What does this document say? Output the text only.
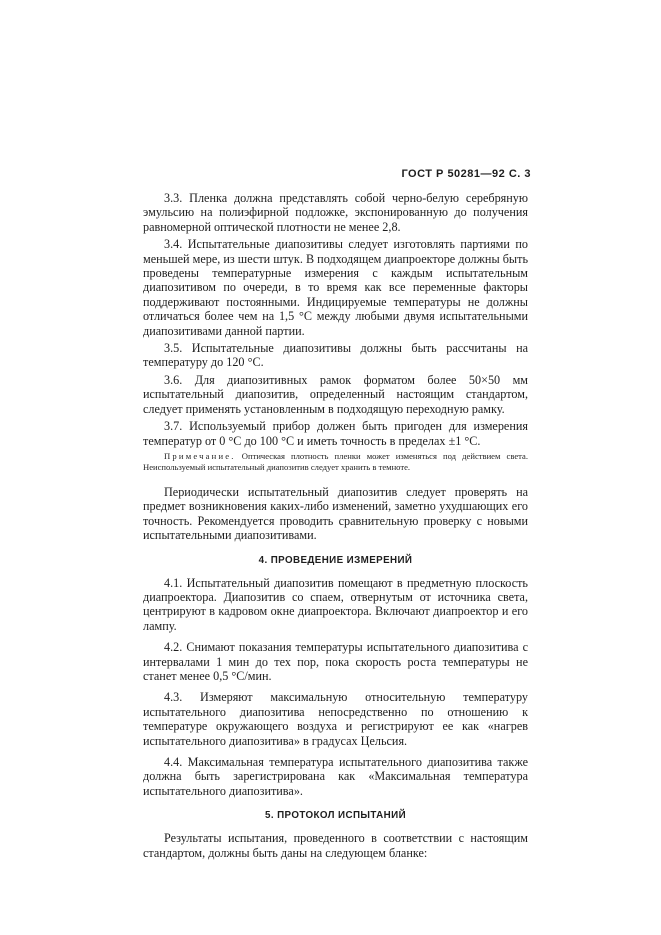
ГОСТ Р 50281—92 С. 3

3.3. Пленка должна представлять собой черно-белую серебряную эмульсию на полиэфирной подложке, экспонированную до получения равномерной оптической плотности не менее 2,8.

3.4. Испытательные диапозитивы следует изготовлять партиями по меньшей мере, из шести штук. В подходящем диапроекторе должны быть проведены температурные измерения с каждым испытательным диапозитивом по очереди, в то время как все переменные факторы поддерживают постоянными. Индицируемые температуры не должны отличаться более чем на 1,5 °С между любыми двумя испытательными диапозитивами данной партии.

3.5. Испытательные диапозитивы должны быть рассчитаны на температуру до 120 °С.

3.6. Для диапозитивных рамок форматом более 50×50 мм испытательный диапозитив, определенный настоящим стандартом, следует применять установленным в подходящую переходную рамку.

3.7. Используемый прибор должен быть пригоден для измерения температур от 0 °С до 100 °С и иметь точность в пределах ±1 °С.

Примечание. Оптическая плотность пленки может изменяться под действием света. Неиспользуемый испытательный диапозитив следует хранить в темноте.

Периодически испытательный диапозитив следует проверять на предмет возникновения каких-либо изменений, заметно ухудшающих его точность. Рекомендуется проводить сравнительную проверку с новыми испытательными диапозитивами.

4. ПРОВЕДЕНИЕ ИЗМЕРЕНИЙ

4.1. Испытательный диапозитив помещают в предметную плоскость диапроектора. Диапозитив со спаем, отвернутым от источника света, центрируют в кадровом окне диапроектора. Включают диапроектор и его лампу.

4.2. Снимают показания температуры испытательного диапозитива с интервалами 1 мин до тех пор, пока скорость роста температуры не станет менее 0,5 °С/мин.

4.3. Измеряют максимальную относительную температуру испытательного диапозитива непосредственно по отношению к температуре окружающего воздуха и регистрируют ее как «нагрев испытательного диапозитива» в градусах Цельсия.

4.4. Максимальная температура испытательного диапозитива также должна быть зарегистрирована как «Максимальная температура испытательного диапозитива».

5. ПРОТОКОЛ ИСПЫТАНИЙ

Результаты испытания, проведенного в соответствии с настоящим стандартом, должны быть даны на следующем бланке:
